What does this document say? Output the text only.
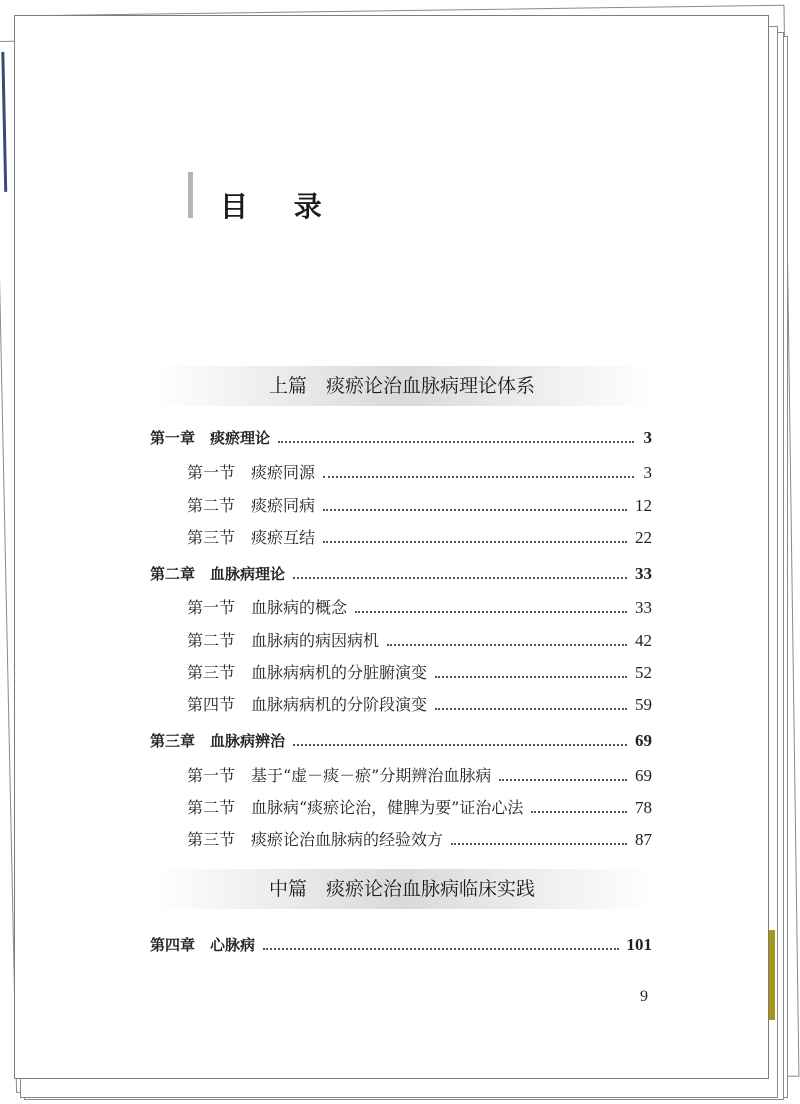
目 录
上篇　痰瘀论治血脉病理论体系
第一章　痰瘀理论	3
第一节　痰瘀同源	3
第二节　痰瘀同病	12
第三节　痰瘀互结	22
第二章　血脉病理论	33
第一节　血脉病的概念	33
第二节　血脉病的病因病机	42
第三节　血脉病病机的分脏腑演变	52
第四节　血脉病病机的分阶段演变	59
第三章　血脉病辨治	69
第一节　基于“虚－痰－瘀”分期辨治血脉病	69
第二节　血脉病“痰瘀论治，健脾为要”证治心法	78
第三节　痰瘀论治血脉病的经验效方	87
中篇　痰瘀论治血脉病临床实践
第四章　心脉病	101
9
